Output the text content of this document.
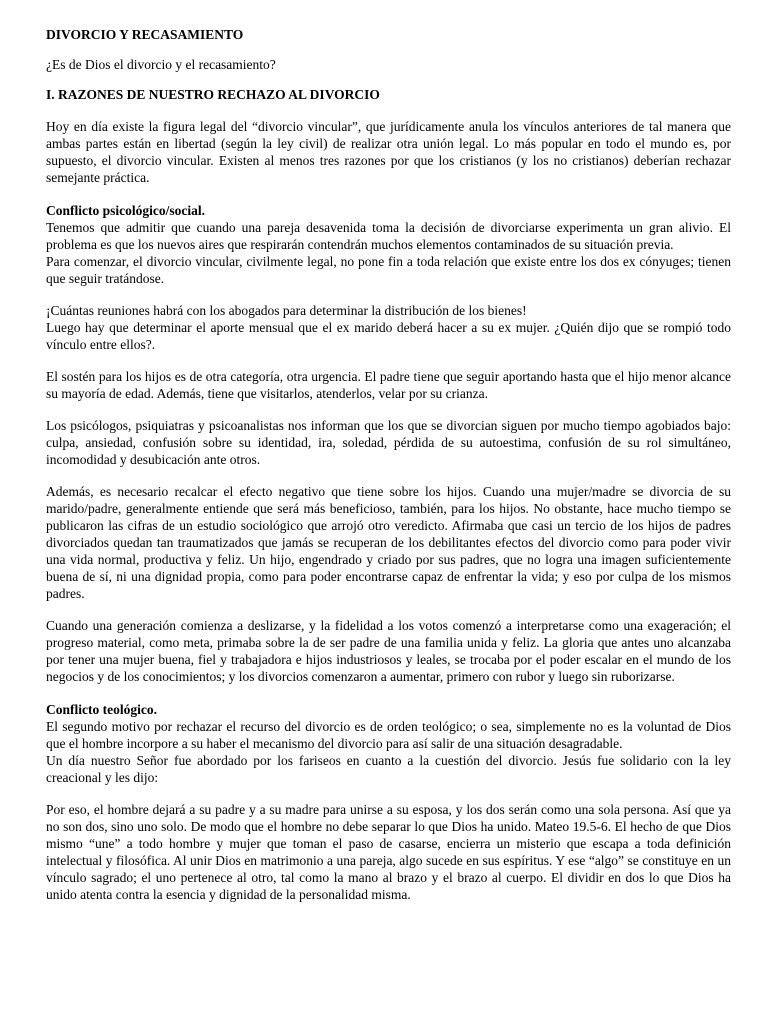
DIVORCIO Y RECASAMIENTO

¿Es de Dios el divorcio y el recasamiento?

I. RAZONES DE NUESTRO RECHAZO AL DIVORCIO

Hoy en día existe la figura legal del “divorcio vincular”, que jurídicamente anula los vínculos anteriores de tal manera que ambas partes están en libertad (según la ley civil) de realizar otra unión legal. Lo más popular en todo el mundo es, por supuesto, el divorcio vincular. Existen al menos tres razones por que los cristianos (y los no cristianos) deberían rechazar semejante práctica.

Conflicto psicológico/social.

Tenemos que admitir que cuando una pareja desavenida toma la decisión de divorciarse experimenta un gran alivio. El problema es que los nuevos aires que respirarán contendrán muchos elementos contaminados de su situación previa.

Para comenzar, el divorcio vincular, civilmente legal, no pone fin a toda relación que existe entre los dos ex cónyuges; tienen que seguir tratándose.

¡Cuántas reuniones habrá con los abogados para determinar la distribución de los bienes!

Luego hay que determinar el aporte mensual que el ex marido deberá hacer a su ex mujer. ¿Quién dijo que se rompió todo vínculo entre ellos?.

El sostén para los hijos es de otra categoría, otra urgencia. El padre tiene que seguir aportando hasta que el hijo menor alcance su mayoría de edad. Además, tiene que visitarlos, atenderlos, velar por su crianza.

Los psicólogos, psiquiatras y psicoanalistas nos informan que los que se divorcian siguen por mucho tiempo agobiados bajo: culpa, ansiedad, confusión sobre su identidad, ira, soledad, pérdida de su autoestima, confusión de su rol simultáneo, incomodidad y desubicación ante otros.

Además, es necesario recalcar el efecto negativo que tiene sobre los hijos. Cuando una mujer/madre se divorcia de su marido/padre, generalmente entiende que será más beneficioso, también, para los hijos. No obstante, hace mucho tiempo se publicaron las cifras de un estudio sociológico que arrojó otro veredicto. Afirmaba que casi un tercio de los hijos de padres divorciados quedan tan traumatizados que jamás se recuperan de los debilitantes efectos del divorcio como para poder vivir una vida normal, productiva y feliz. Un hijo, engendrado y criado por sus padres, que no logra una imagen suficientemente buena de sí, ni una dignidad propia, como para poder encontrarse capaz de enfrentar la vida; y eso por culpa de los mismos padres.

Cuando una generación comienza a deslizarse, y la fidelidad a los votos comenzó a interpretarse como una exageración; el progreso material, como meta, primaba sobre la de ser padre de una familia unida y feliz. La gloria que antes uno alcanzaba por tener una mujer buena, fiel y trabajadora e hijos industriosos y leales, se trocaba por el poder escalar en el mundo de los negocios y de los conocimientos; y los divorcios comenzaron a aumentar, primero con rubor y luego sin ruborizarse.

Conflicto teológico.

El segundo motivo por rechazar el recurso del divorcio es de orden teológico; o sea, simplemente no es la voluntad de Dios que el hombre incorpore a su haber el mecanismo del divorcio para así salir de una situación desagradable.

Un día nuestro Señor fue abordado por los fariseos en cuanto a la cuestión del divorcio. Jesús fue solidario con la ley creacional y les dijo:

Por eso, el hombre dejará a su padre y a su madre para unirse a su esposa, y los dos serán como una sola persona. Así que ya no son dos, sino uno solo. De modo que el hombre no debe separar lo que Dios ha unido. Mateo 19.5-6. El hecho de que Dios mismo “une” a todo hombre y mujer que toman el paso de casarse, encierra un misterio que escapa a toda definición intelectual y filosófica. Al unir Dios en matrimonio a una pareja, algo sucede en sus espíritus. Y ese “algo” se constituye en un vínculo sagrado; el uno pertenece al otro, tal como la mano al brazo y el brazo al cuerpo. El dividir en dos lo que Dios ha unido atenta contra la esencia y dignidad de la personalidad misma.
